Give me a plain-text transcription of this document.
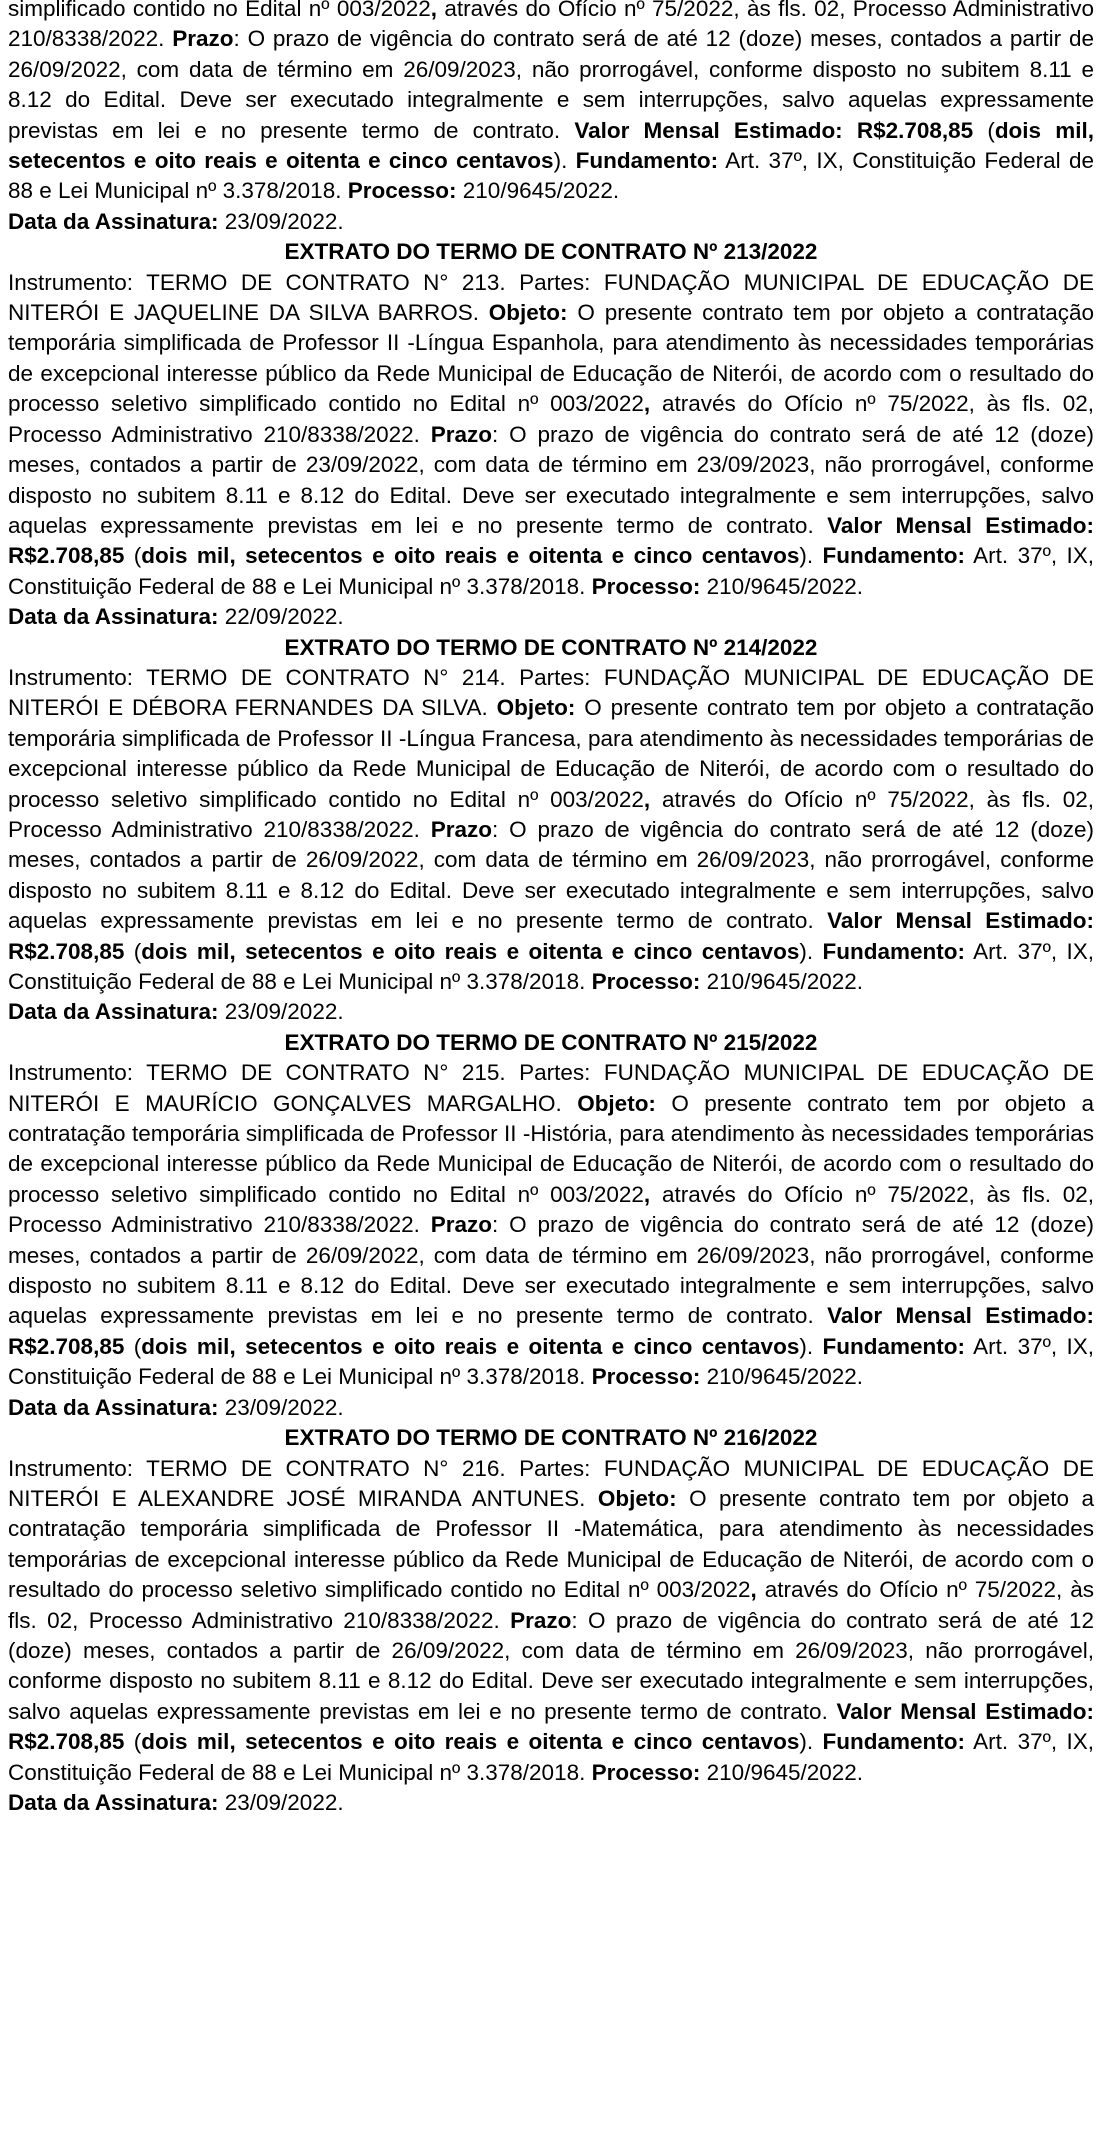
simplificado contido no Edital nº 003/2022, através do Ofício nº 75/2022, às fls. 02, Processo Administrativo 210/8338/2022. Prazo: O prazo de vigência do contrato será de até 12 (doze) meses, contados a partir de 26/09/2022, com data de término em 26/09/2023, não prorrogável, conforme disposto no subitem 8.11 e 8.12 do Edital. Deve ser executado integralmente e sem interrupções, salvo aquelas expressamente previstas em lei e no presente termo de contrato. Valor Mensal Estimado: R$2.708,85 (dois mil, setecentos e oito reais e oitenta e cinco centavos). Fundamento: Art. 37º, IX, Constituição Federal de 88 e Lei Municipal nº 3.378/2018. Processo: 210/9645/2022.
Data da Assinatura: 23/09/2022.

EXTRATO DO TERMO DE CONTRATO Nº 213/2022

Instrumento: TERMO DE CONTRATO N° 213. Partes: FUNDAÇÃO MUNICIPAL DE EDUCAÇÃO DE NITERÓI E JAQUELINE DA SILVA BARROS. Objeto: O presente contrato tem por objeto a contratação temporária simplificada de Professor II -Língua Espanhola, para atendimento às necessidades temporárias de excepcional interesse público da Rede Municipal de Educação de Niterói, de acordo com o resultado do processo seletivo simplificado contido no Edital nº 003/2022, através do Ofício nº 75/2022, às fls. 02, Processo Administrativo 210/8338/2022. Prazo: O prazo de vigência do contrato será de até 12 (doze) meses, contados a partir de 23/09/2022, com data de término em 23/09/2023, não prorrogável, conforme disposto no subitem 8.11 e 8.12 do Edital. Deve ser executado integralmente e sem interrupções, salvo aquelas expressamente previstas em lei e no presente termo de contrato. Valor Mensal Estimado: R$2.708,85 (dois mil, setecentos e oito reais e oitenta e cinco centavos). Fundamento: Art. 37º, IX, Constituição Federal de 88 e Lei Municipal nº 3.378/2018. Processo: 210/9645/2022.
Data da Assinatura: 22/09/2022.

EXTRATO DO TERMO DE CONTRATO Nº 214/2022

Instrumento: TERMO DE CONTRATO N° 214. Partes: FUNDAÇÃO MUNICIPAL DE EDUCAÇÃO DE NITERÓI E DÉBORA FERNANDES DA SILVA. Objeto: O presente contrato tem por objeto a contratação temporária simplificada de Professor II -Língua Francesa, para atendimento às necessidades temporárias de excepcional interesse público da Rede Municipal de Educação de Niterói, de acordo com o resultado do processo seletivo simplificado contido no Edital nº 003/2022, através do Ofício nº 75/2022, às fls. 02, Processo Administrativo 210/8338/2022. Prazo: O prazo de vigência do contrato será de até 12 (doze) meses, contados a partir de 26/09/2022, com data de término em 26/09/2023, não prorrogável, conforme disposto no subitem 8.11 e 8.12 do Edital. Deve ser executado integralmente e sem interrupções, salvo aquelas expressamente previstas em lei e no presente termo de contrato. Valor Mensal Estimado: R$2.708,85 (dois mil, setecentos e oito reais e oitenta e cinco centavos). Fundamento: Art. 37º, IX, Constituição Federal de 88 e Lei Municipal nº 3.378/2018. Processo: 210/9645/2022.
Data da Assinatura: 23/09/2022.

EXTRATO DO TERMO DE CONTRATO Nº 215/2022

Instrumento: TERMO DE CONTRATO N° 215. Partes: FUNDAÇÃO MUNICIPAL DE EDUCAÇÃO DE NITERÓI E MAURÍCIO GONÇALVES MARGALHO. Objeto: O presente contrato tem por objeto a contratação temporária simplificada de Professor II -História, para atendimento às necessidades temporárias de excepcional interesse público da Rede Municipal de Educação de Niterói, de acordo com o resultado do processo seletivo simplificado contido no Edital nº 003/2022, através do Ofício nº 75/2022, às fls. 02, Processo Administrativo 210/8338/2022. Prazo: O prazo de vigência do contrato será de até 12 (doze) meses, contados a partir de 26/09/2022, com data de término em 26/09/2023, não prorrogável, conforme disposto no subitem 8.11 e 8.12 do Edital. Deve ser executado integralmente e sem interrupções, salvo aquelas expressamente previstas em lei e no presente termo de contrato. Valor Mensal Estimado: R$2.708,85 (dois mil, setecentos e oito reais e oitenta e cinco centavos). Fundamento: Art. 37º, IX, Constituição Federal de 88 e Lei Municipal nº 3.378/2018. Processo: 210/9645/2022.
Data da Assinatura: 23/09/2022.

EXTRATO DO TERMO DE CONTRATO Nº 216/2022

Instrumento: TERMO DE CONTRATO N° 216. Partes: FUNDAÇÃO MUNICIPAL DE EDUCAÇÃO DE NITERÓI E ALEXANDRE JOSÉ MIRANDA ANTUNES. Objeto: O presente contrato tem por objeto a contratação temporária simplificada de Professor II -Matemática, para atendimento às necessidades temporárias de excepcional interesse público da Rede Municipal de Educação de Niterói, de acordo com o resultado do processo seletivo simplificado contido no Edital nº 003/2022, através do Ofício nº 75/2022, às fls. 02, Processo Administrativo 210/8338/2022. Prazo: O prazo de vigência do contrato será de até 12 (doze) meses, contados a partir de 26/09/2022, com data de término em 26/09/2023, não prorrogável, conforme disposto no subitem 8.11 e 8.12 do Edital. Deve ser executado integralmente e sem interrupções, salvo aquelas expressamente previstas em lei e no presente termo de contrato. Valor Mensal Estimado: R$2.708,85 (dois mil, setecentos e oito reais e oitenta e cinco centavos). Fundamento: Art. 37º, IX, Constituição Federal de 88 e Lei Municipal nº 3.378/2018. Processo: 210/9645/2022.
Data da Assinatura: 23/09/2022.
